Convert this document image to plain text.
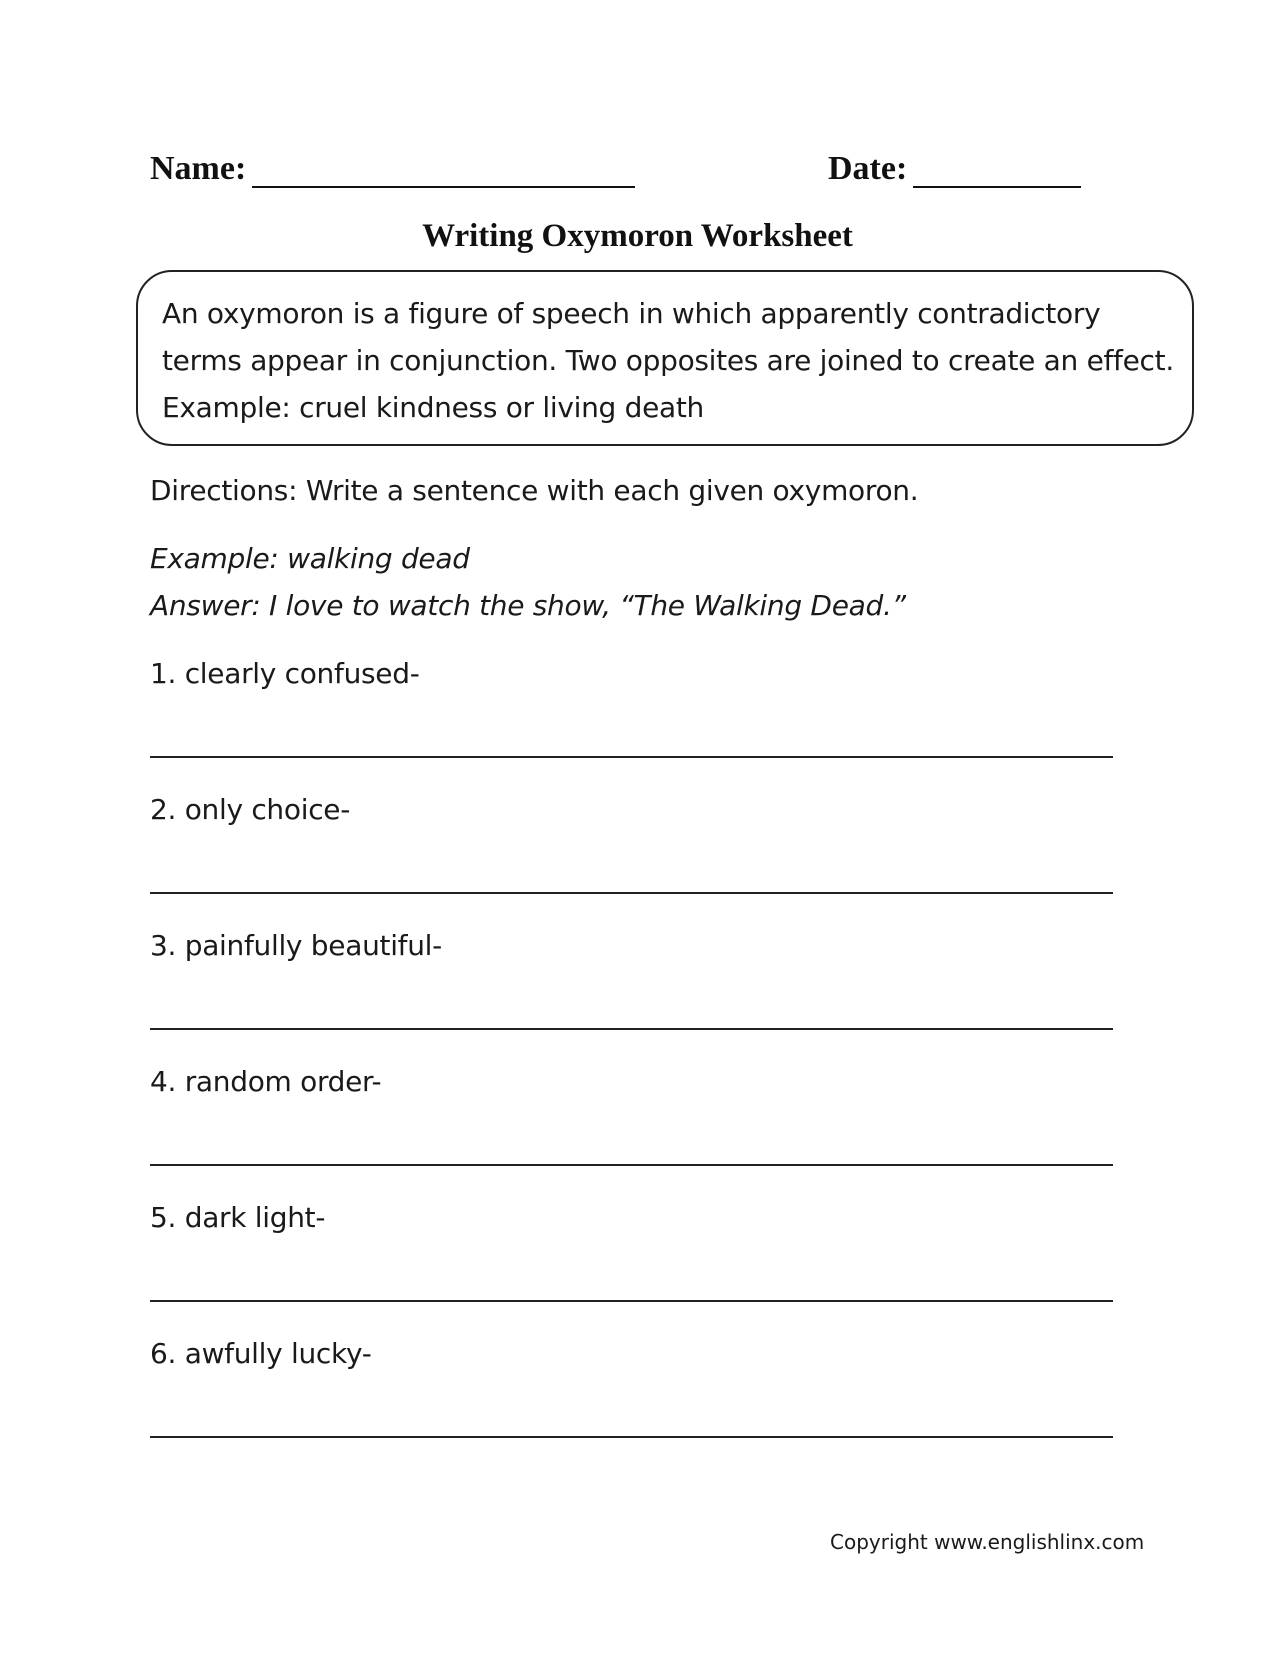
Name:	Date:
Writing Oxymoron Worksheet

An oxymoron is a figure of speech in which apparently contradictory

terms appear in conjunction. Two opposites are joined to create an effect.

Example: cruel kindness or living death

Directions: Write a sentence with each given oxymoron.
Example: walking dead
Answer: I love to watch the show, “The Walking Dead.”
1. clearly confused-
2. only choice-
3. painfully beautiful-
4. random order-
5. dark light-
6. awfully lucky-
Copyright www.englishlinx.com
